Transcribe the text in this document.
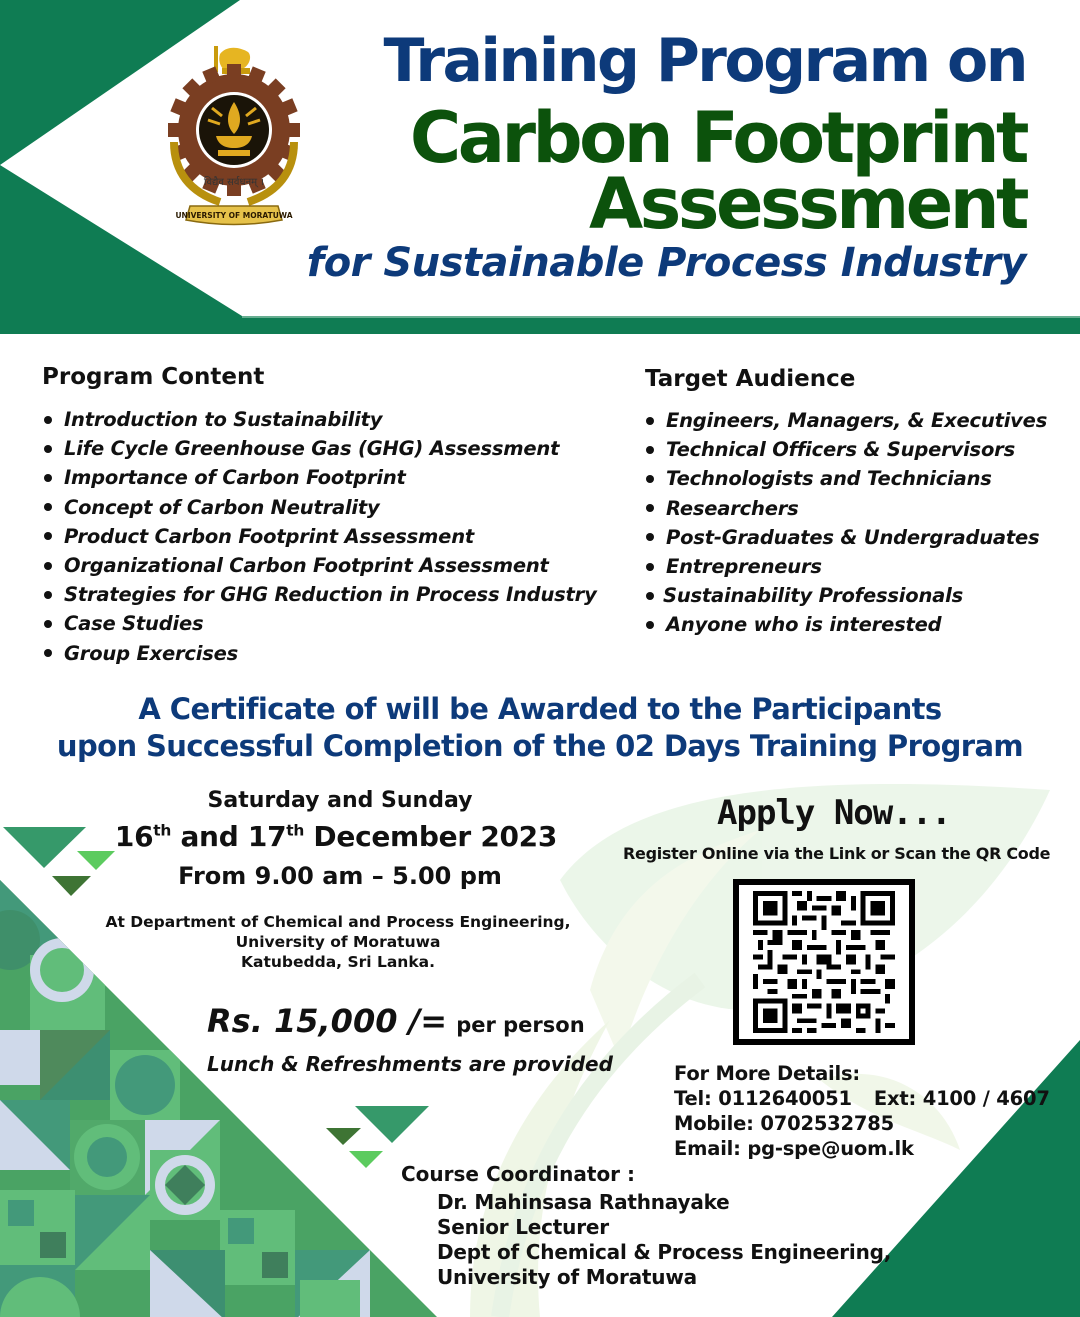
विद्यैव सर्वधनम् ।
UNIVERSITY OF MORATUWA
Training Program on
Carbon Footprint
Assessment
for Sustainable Process Industry
Program Content
Introduction to Sustainability
Life Cycle Greenhouse Gas (GHG) Assessment
Importance of Carbon Footprint
Concept of Carbon Neutrality
Product Carbon Footprint Assessment
Organizational Carbon Footprint Assessment
Strategies for GHG Reduction in Process Industry
Case Studies
Group Exercises
Target Audience
Engineers, Managers, & Executives
Technical Officers & Supervisors
Technologists and Technicians
Researchers
Post-Graduates & Undergraduates
Entrepreneurs
Sustainability Professionals
Anyone who is interested
A Certificate of will be Awarded to the Participants
upon Successful Completion of the 02 Days Training Program
Saturday and Sunday
16th and 17th December 2023
From 9.00 am – 5.00 pm
At Department of Chemical and Process Engineering,
University of Moratuwa
Katubedda, Sri Lanka.
Rs. 15,000 /= per person
Lunch & Refreshments are provided
Apply Now...
Register Online via the Link or Scan the QR Code
For More Details:
Tel: 0112640051 Ext: 4100 / 4607
Mobile: 0702532785
Email: pg-spe@uom.lk
Course Coordinator :
Dr. Mahinsasa Rathnayake
Senior Lecturer
Dept of Chemical & Process Engineering,
University of Moratuwa
